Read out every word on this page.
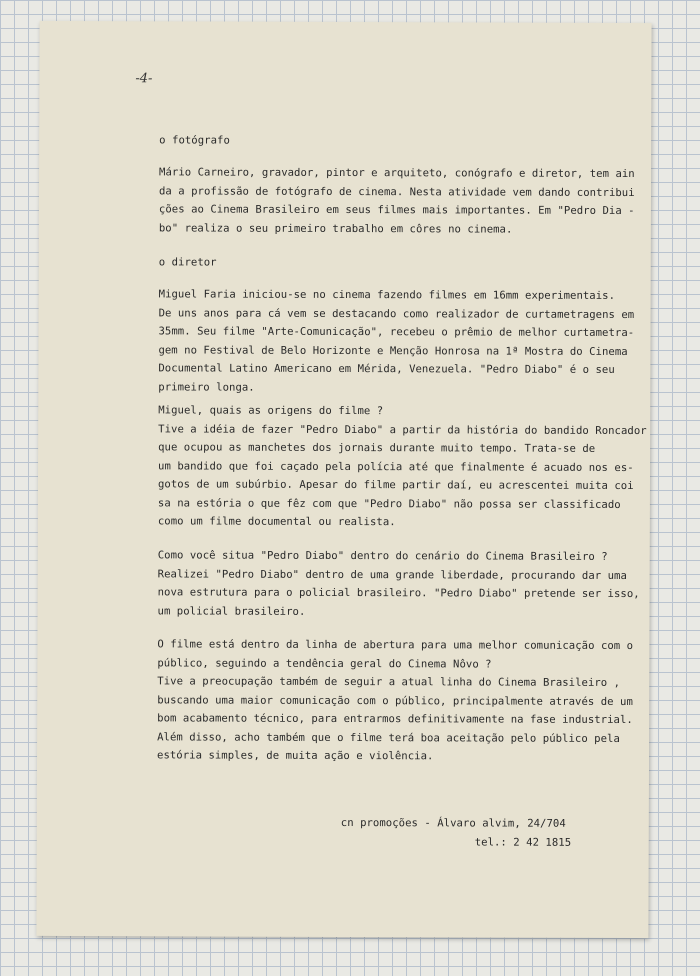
-4-
o fotógrafo
Mário Carneiro, gravador, pintor e arquiteto, conógrafo e diretor, tem ain
da a profissão de fotógrafo de cinema. Nesta atividade vem dando contribui
ções ao Cinema Brasileiro em seus filmes mais importantes. Em "Pedro Dia -
bo" realiza o seu primeiro trabalho em côres no cinema.
o diretor
Miguel Faria iniciou-se no cinema fazendo filmes em 16mm experimentais.
De uns anos para cá vem se destacando como realizador de curtametragens em
35mm. Seu filme "Arte-Comunicação", recebeu o prêmio de melhor curtametra-
gem no Festival de Belo Horizonte e Menção Honrosa na 1ª Mostra do Cinema
Documental Latino Americano em Mérida, Venezuela. "Pedro Diabo" é o seu
primeiro longa.
Miguel, quais as origens do filme ?
Tive a idéia de fazer "Pedro Diabo" a partir da história do bandido Roncador
que ocupou as manchetes dos jornais durante muito tempo. Trata-se de
um bandido que foi caçado pela polícia até que finalmente é acuado nos es-
gotos de um subúrbio. Apesar do filme partir daí, eu acrescentei muita coi
sa na estória o que fêz com que "Pedro Diabo" não possa ser classificado
como um filme documental ou realista.
Como você situa "Pedro Diabo" dentro do cenário do Cinema Brasileiro ?
Realizei "Pedro Diabo" dentro de uma grande liberdade, procurando dar uma
nova estrutura para o policial brasileiro. "Pedro Diabo" pretende ser isso,
um policial brasileiro.
O filme está dentro da linha de abertura para uma melhor comunicação com o
público, seguindo a tendência geral do Cinema Nôvo ?
Tive a preocupação também de seguir a atual linha do Cinema Brasileiro ,
buscando uma maior comunicação com o público, principalmente através de um
bom acabamento técnico, para entrarmos definitivamente na fase industrial.
Além disso, acho também que o filme terá boa aceitação pelo público pela
estória simples, de muita ação e violência.
cn promoções - Álvaro alvim, 24/704
tel.: 2 42 1815
